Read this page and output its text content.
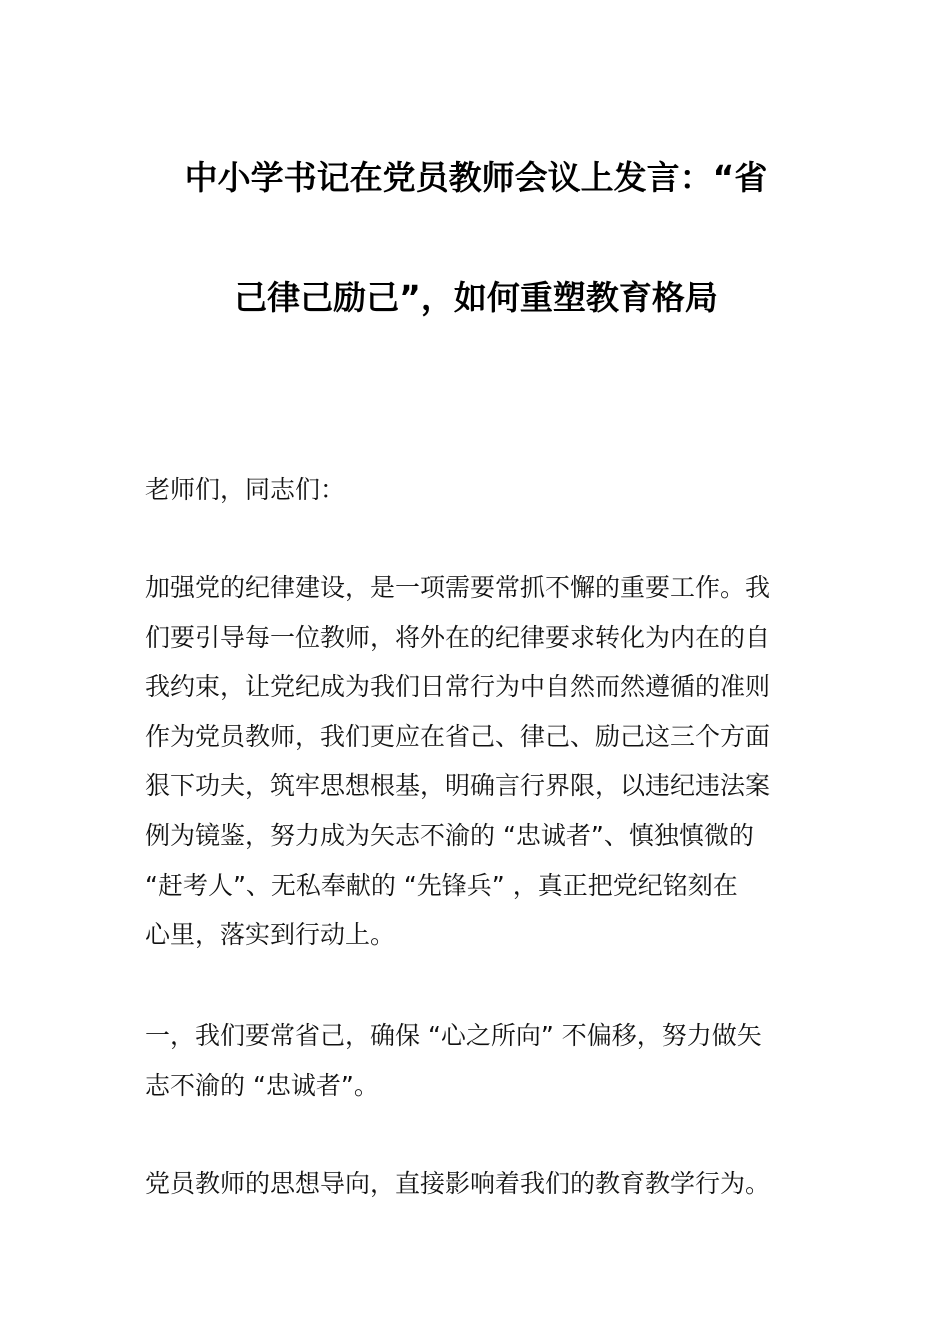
中小学书记在党员教师会议上发言：“省
己律己励己”，如何重塑教育格局
老师们，同志们：
加强党的纪律建设，是一项需要常抓不懈的重要工作。我
们要引导每一位教师，将外在的纪律要求转化为内在的自
我约束，让党纪成为我们日常行为中自然而然遵循的准则
作为党员教师，我们更应在省己、律己、励己这三个方面
狠下功夫，筑牢思想根基，明确言行界限，以违纪违法案
例为镜鉴，努力成为矢志不渝的 “忠诚者”、慎独慎微的
“赶考人”、无私奉献的 “先锋兵” ，真正把党纪铭刻在
心里，落实到行动上。
一，我们要常省己，确保 “心之所向” 不偏移，努力做矢
志不渝的 “忠诚者”。
党员教师的思想导向，直接影响着我们的教育教学行为。
